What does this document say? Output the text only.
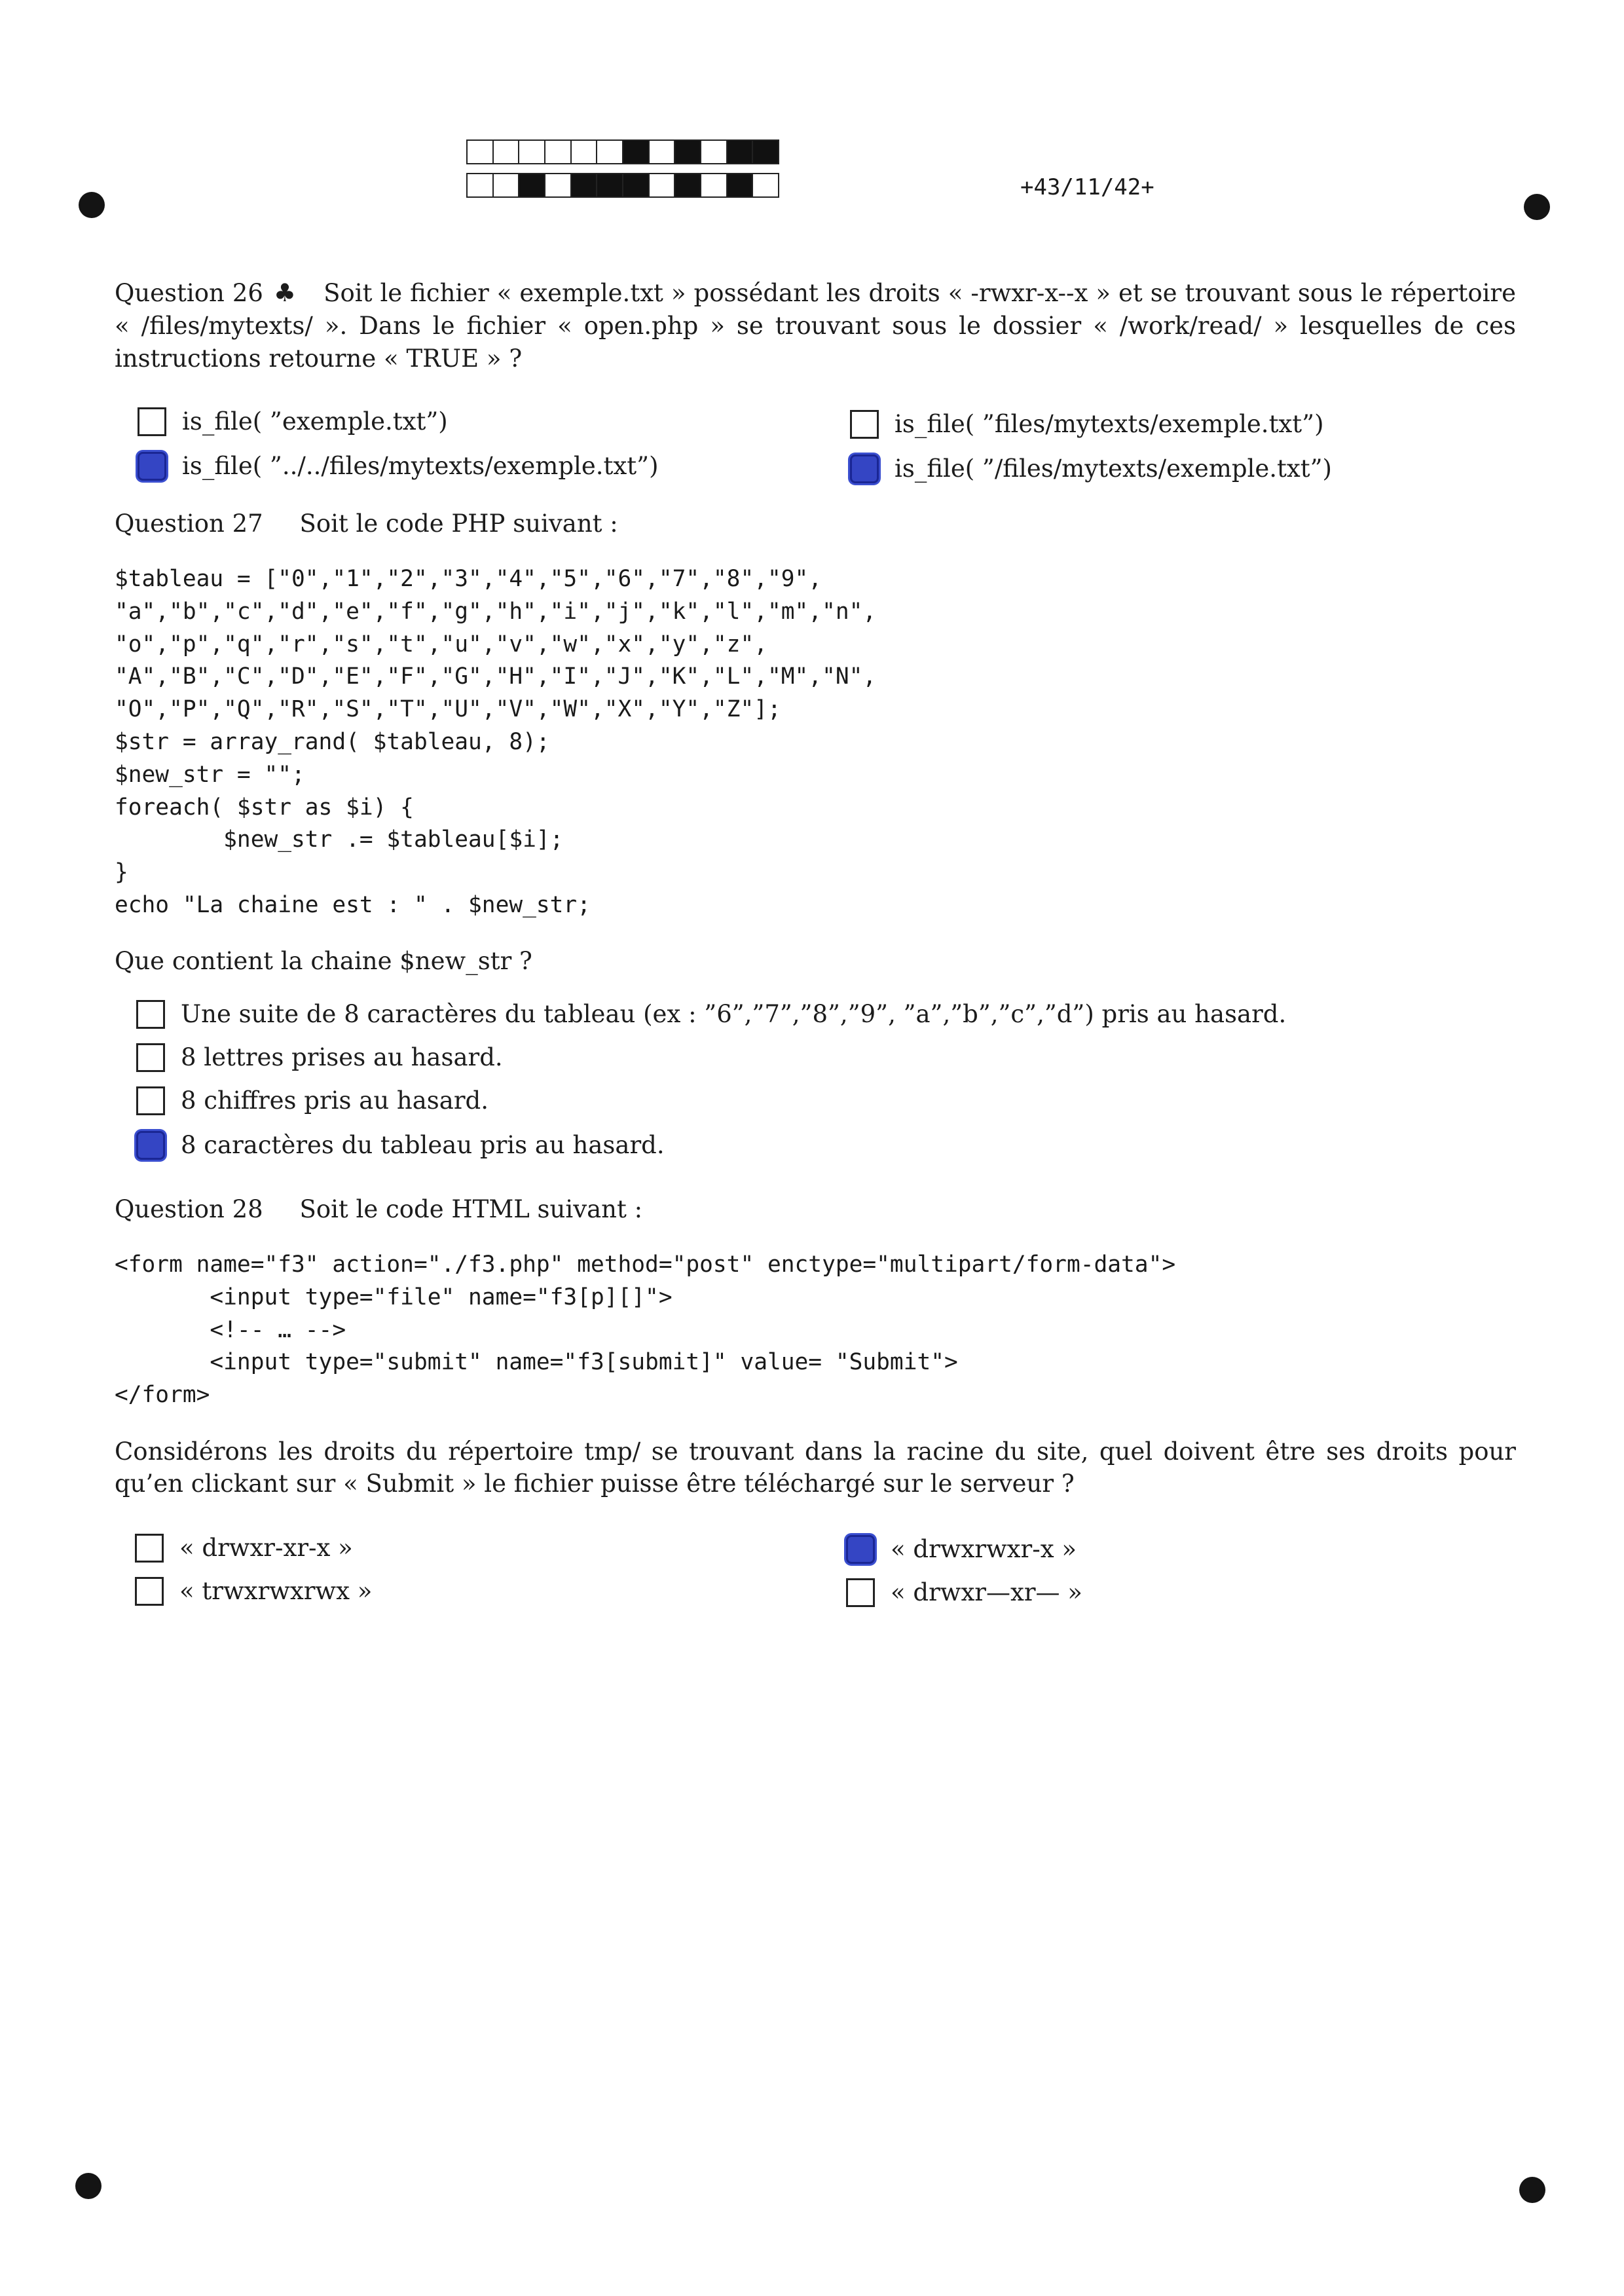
+43/11/42+
Question 26 ♣ Soit le fichier « exemple.txt » possédant les droits « -rwxr-x--x » et se trouvant sous le répertoire « /files/mytexts/ ». Dans le fichier « open.php » se trouvant sous le dossier « /work/read/ » lesquelles de ces instructions retourne « TRUE » ?
is_file( ”exemple.txt”)
is_file( ”../../files/mytexts/exemple.txt”)
is_file( ”files/mytexts/exemple.txt”)
is_file( ”/files/mytexts/exemple.txt”)
Question 27 Soit le code PHP suivant :
$tableau = ["0","1","2","3","4","5","6","7","8","9",
"a","b","c","d","e","f","g","h","i","j","k","l","m","n",
"o","p","q","r","s","t","u","v","w","x","y","z",
"A","B","C","D","E","F","G","H","I","J","K","L","M","N",
"O","P","Q","R","S","T","U","V","W","X","Y","Z"];
$str = array_rand( $tableau, 8);
$new_str = "";
foreach( $str as $i) {
$new_str .= $tableau[$i];
}
echo "La chaine est : " . $new_str;

Que contient la chaine $new_str ?
Une suite de 8 caractères du tableau (ex : ”6”,”7”,”8”,”9”, ”a”,”b”,”c”,”d”) pris au hasard.
8 lettres prises au hasard.
8 chiffres pris au hasard.
8 caractères du tableau pris au hasard.
Question 28 Soit le code HTML suivant :
<form name="f3" action="./f3.php" method="post" enctype="multipart/form-data">
<input type="file" name="f3[p][]">
<!-- … -->
<input type="submit" name="f3[submit]" value= "Submit">
</form>

Considérons les droits du répertoire tmp/ se trouvant dans la racine du site, quel doivent être ses droits pour qu’en clickant sur « Submit » le fichier puisse être téléchargé sur le serveur ?
« drwxr-xr-x »
« trwxrwxrwx »
« drwxrwxr-x »
« drwxr—xr— »
